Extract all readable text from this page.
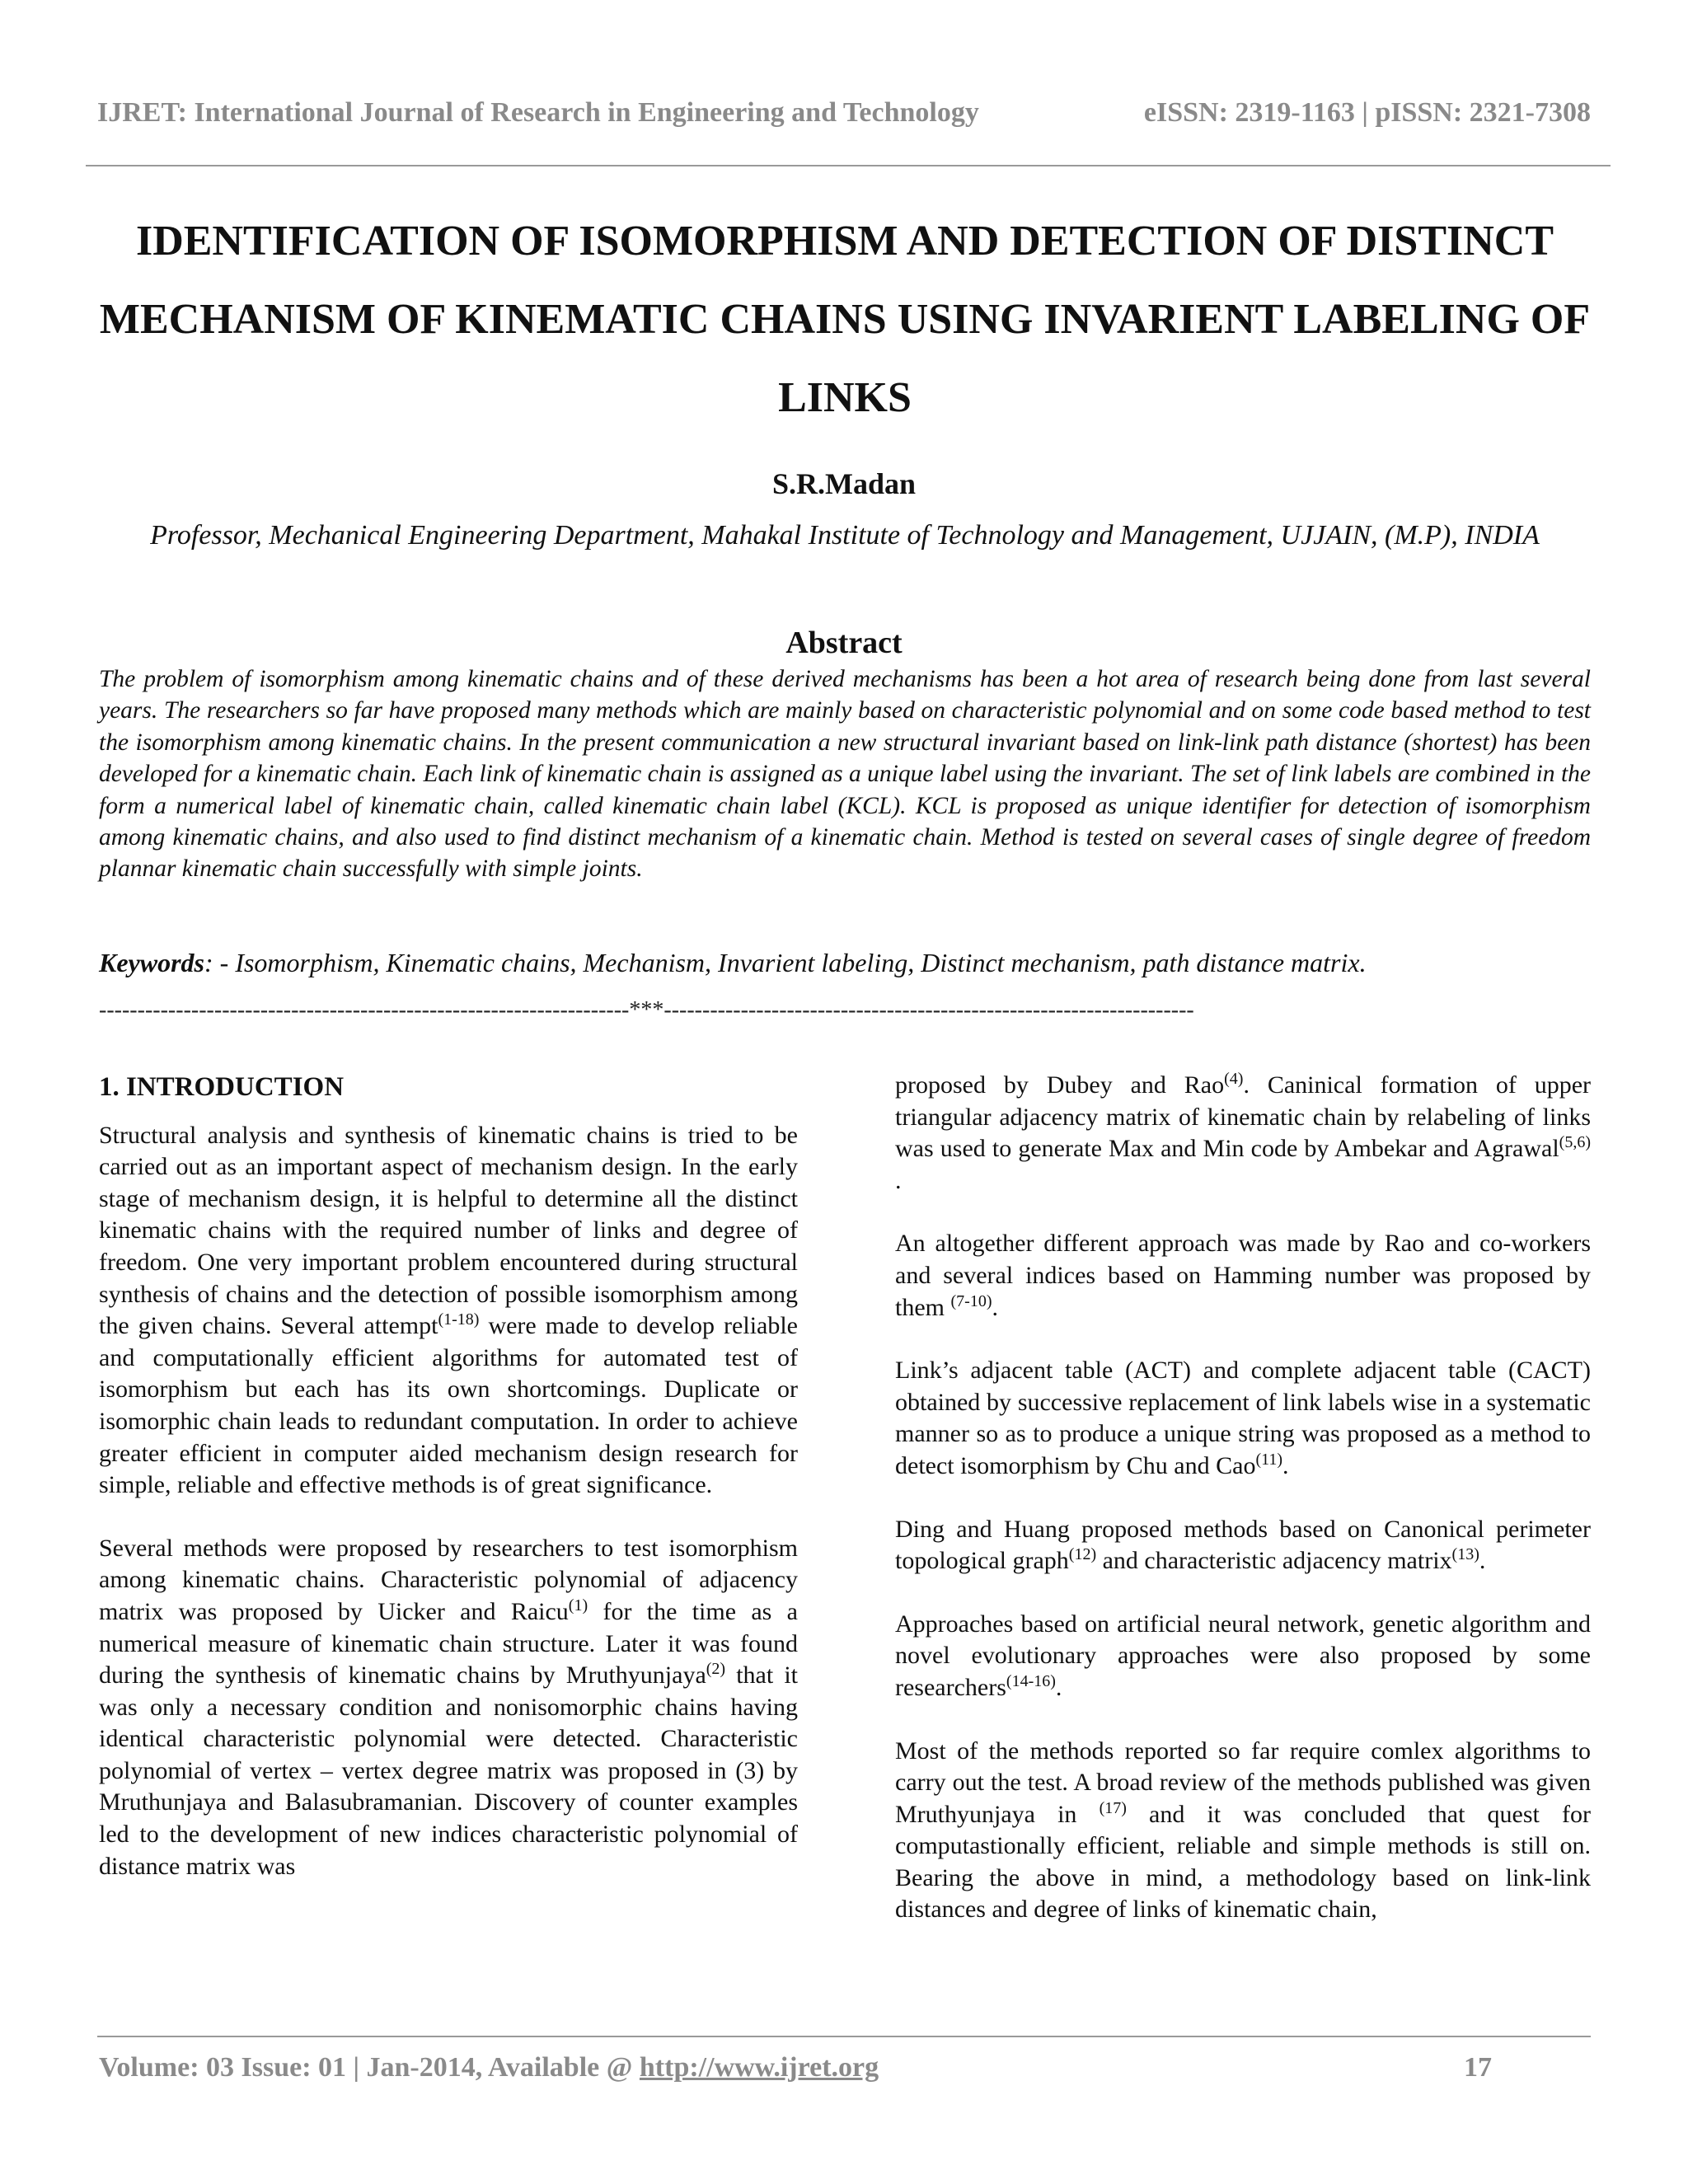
IJRET: International Journal of Research in Engineering and Technology	eISSN: 2319-1163 | pISSN: 2321-7308
IDENTIFICATION OF ISOMORPHISM AND DETECTION OF DISTINCT MECHANISM OF KINEMATIC CHAINS USING INVARIENT LABELING OF LINKS
S.R.Madan
Professor, Mechanical Engineering Department, Mahakal Institute of Technology and Management, UJJAIN, (M.P), INDIA
Abstract
The problem of isomorphism among kinematic chains and of these derived mechanisms has been a hot area of research being done from last several years. The researchers so far have proposed many methods which are mainly based on characteristic polynomial and on some code based method to test the isomorphism among kinematic chains. In the present communication a new structural invariant based on link-link path distance (shortest) has been developed for a kinematic chain. Each link of kinematic chain is assigned as a unique label using the invariant. The set of link labels are combined in the form a numerical label of kinematic chain, called kinematic chain label (KCL). KCL is proposed as unique identifier for detection of isomorphism among kinematic chains, and also used to find distinct mechanism of a kinematic chain. Method is tested on several cases of single degree of freedom plannar kinematic chain successfully with simple joints.
Keywords: - Isomorphism, Kinematic chains, Mechanism, Invarient labeling, Distinct mechanism, path distance matrix.
---------------------------------------------------------------------***---------------------------------------------------------------------
1. INTRODUCTION

Structural analysis and synthesis of kinematic chains is tried to be carried out as an important aspect of mechanism design. In the early stage of mechanism design, it is helpful to determine all the distinct kinematic chains with the required number of links and degree of freedom. One very important problem encountered during structural synthesis of chains and the detection of possible isomorphism among the given chains. Several attempt$^{(1-18)}$ were made to develop reliable and computationally efficient algorithms for automated test of isomorphism but each has its own shortcomings. Duplicate or isomorphic chain leads to redundant computation. In order to achieve greater efficient in computer aided mechanism design research for simple, reliable and effective methods is of great significance.

Several methods were proposed by researchers to test isomorphism among kinematic chains. Characteristic polynomial of adjacency matrix was proposed by Uicker and Raicu$^{(1)}$ for the time as a numerical measure of kinematic chain structure. Later it was found during the synthesis of kinematic chains by Mruthyunjaya$^{(2)}$ that it was only a necessary condition and nonisomorphic chains having identical characteristic polynomial were detected. Characteristic polynomial of vertex – vertex degree matrix was proposed in (3) by Mruthunjaya and Balasubramanian. Discovery of counter examples led to the development of new indices characteristic polynomial of distance matrix was

proposed by Dubey and Rao$^{(4)}$. Caninical formation of upper triangular adjacency matrix of kinematic chain by relabeling of links was used to generate Max and Min code by Ambekar and Agrawal$^{(5,6)}$ .

An altogether different approach was made by Rao and co-workers and several indices based on Hamming number was proposed by them $^{(7-10)}$.

Link’s adjacent table (ACT) and complete adjacent table (CACT) obtained by successive replacement of link labels wise in a systematic manner so as to produce a unique string was proposed as a method to detect isomorphism by Chu and Cao$^{(11)}$.

Ding and Huang proposed methods based on Canonical perimeter topological graph$^{(12)}$ and characteristic adjacency matrix$^{(13)}$.

Approaches based on artificial neural network, genetic algorithm and novel evolutionary approaches were also proposed by some researchers$^{(14-16)}$.

Most of the methods reported so far require comlex algorithms to carry out the test. A broad review of the methods published was given Mruthyunjaya in $^{(17)}$ and it was concluded that quest for computastionally efficient, reliable and simple methods is still on. Bearing the above in mind, a methodology based on link-link distances and degree of links of kinematic chain,

Volume: 03 Issue: 01 | Jan-2014, Available @ http://www.ijret.org	17
